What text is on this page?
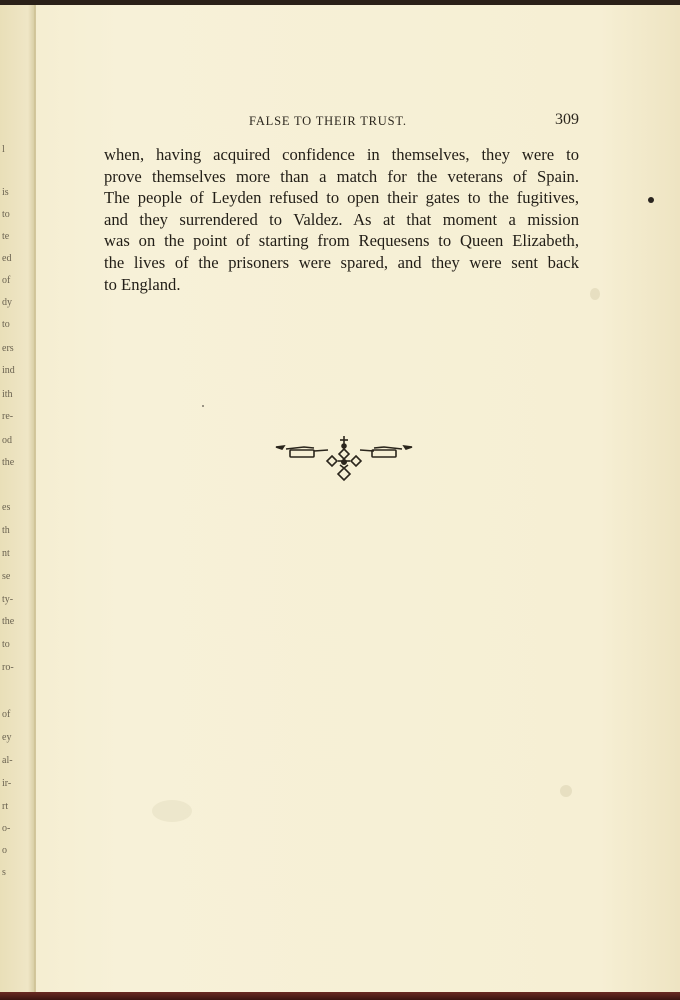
l
is
to
te
ed
of
dy
to
ers
ind
ith
re-
od
the
es
th
nt
se
ty-
the
to
ro-
of
ey
al-
ir-
rt
o-
o
s
FALSE TO THEIR TRUST.	309
when, having acquired confidence in themselves, they were to
prove themselves more than a match for the veterans of Spain.
The people of Leyden refused to open their gates to the fugitives,
and they surrendered to Valdez. As at that moment a mission
was on the point of starting from Requesens to Queen Elizabeth,
the lives of the prisoners were spared, and they were sent back
to England.
